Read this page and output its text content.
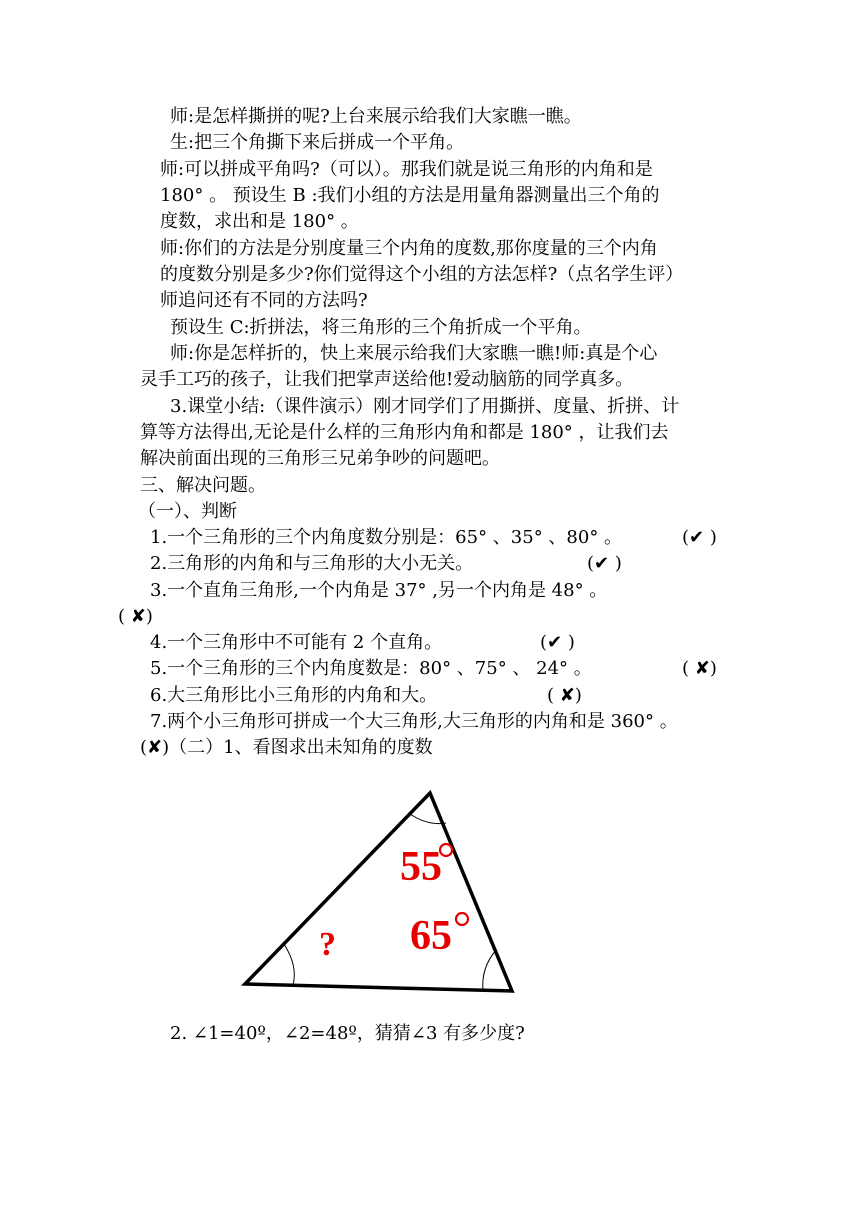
师:是怎样撕拼的呢?上台来展示给我们大家瞧一瞧。
生:把三个角撕下来后拼成一个平角。
师:可以拼成平角吗?（可以）。那我们就是说三角形的内角和是
180° 。 预设生 B :我们小组的方法是用量角器测量出三个角的
度数，求出和是 180° 。
师:你们的方法是分别度量三个内角的度数,那你度量的三个内角
的度数分别是多少?你们觉得这个小组的方法怎样?（点名学生评）
师追问还有不同的方法吗?
预设生 C:折拼法，将三角形的三个角折成一个平角。
师:你是怎样折的，快上来展示给我们大家瞧一瞧!师:真是个心
灵手工巧的孩子，让我们把掌声送给他!爱动脑筋的同学真多。
3.课堂小结:（课件演示）刚才同学们了用撕拼、度量、折拼、计
算等方法得出,无论是什么样的三角形内角和都是 180° ，让我们去
解决前面出现的三角形三兄弟争吵的问题吧。
三、解决问题。
（一）、判断
1.一个三角形的三个内角度数分别是：65° 、35° 、80° 。	(✔ )
2.三角形的内角和与三角形的大小无关。	(✔ )
3.一个直角三角形,一个内角是 37° ,另一个内角是 48° 。
( ✘)
4.一个三角形中不可能有 2 个直角。	(✔ )
5.一个三角形的三个内角度数是：80° 、75° 、 24° 。	( ✘)
6.大三角形比小三角形的内角和大。	( ✘)
7.两个小三角形可拼成一个大三角形,大三角形的内角和是 360° 。
(✘)（二）1、看图求出未知角的度数
55
65
?
2. ∠1=40º，∠2=48º，猜猜∠3 有多少度?
